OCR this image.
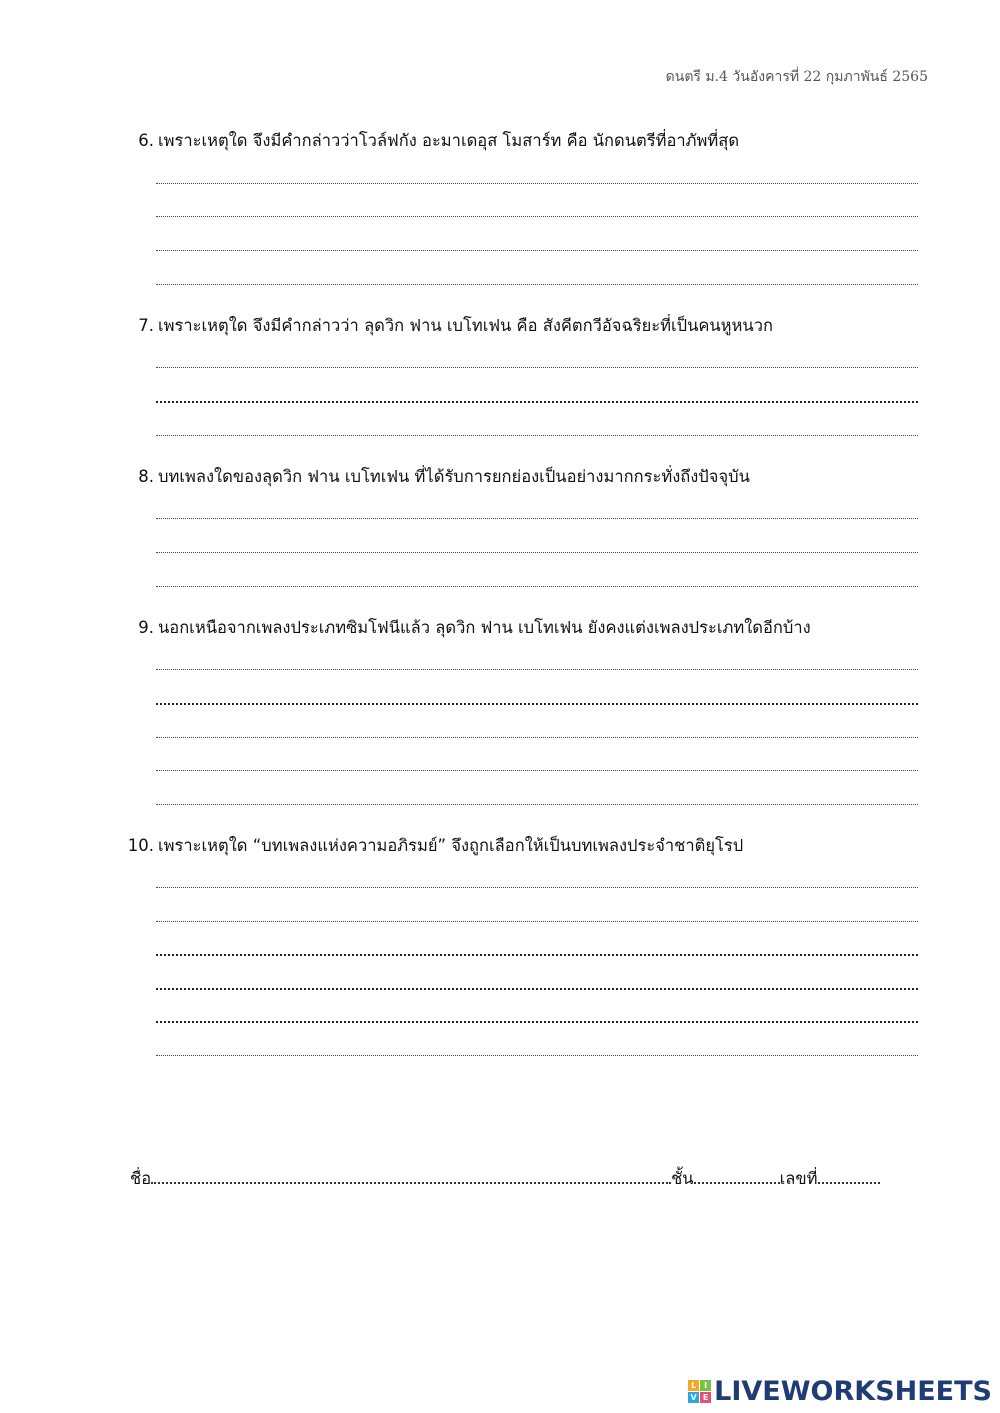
ดนตรี ม.4 วันอังคารที่ 22 กุมภาพันธ์ 2565
6. เพราะเหตุใด จึงมีคำกล่าวว่าโวล์ฟกัง อะมาเดอุส โมสาร์ท คือ นักดนตรีที่อาภัพที่สุด
7. เพราะเหตุใด จึงมีคำกล่าวว่า ลุดวิก ฟาน เบโทเฟน คือ สังคีตกวีอัจฉริยะที่เป็นคนหูหนวก
8. บทเพลงใดของลุดวิก ฟาน เบโทเฟน ที่ได้รับการยกย่องเป็นอย่างมากกระทั่งถึงปัจจุบัน
9. นอกเหนือจากเพลงประเภทซิมโฟนีแล้ว ลุดวิก ฟาน เบโทเฟน ยังคงแต่งเพลงประเภทใดอีกบ้าง
10. เพราะเหตุใด “บทเพลงแห่งความอภิรมย์” จึงถูกเลือกให้เป็นบทเพลงประจำชาติยุโรป
ชื่อ	ชั้น	เลขที่
L I
V E LIVEWORKSHEETS
